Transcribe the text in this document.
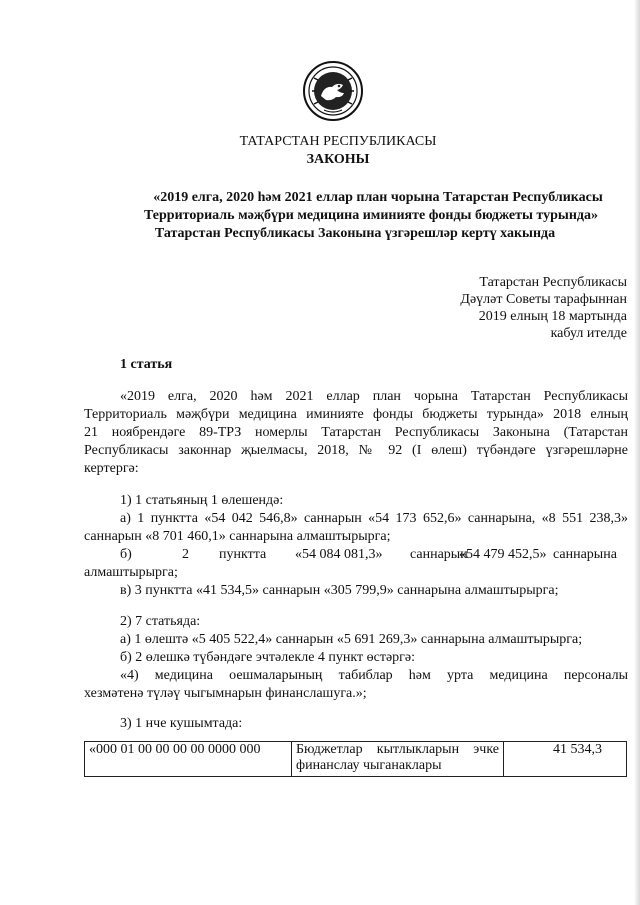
ТАТАРСТАН РЕСПУБЛИКАСЫ
ЗАКОНЫ
«2019 елга, 2020 һәм 2021 еллар план чорына Татарстан Республикасы
Территориаль мәҗбүри медицина иминияте фонды бюджеты турында»
Татарстан Республикасы Законына үзгәрешләр кертү хакында
Татарстан Республикасы
Дәүләт Советы тарафыннан
2019 елның 18 мартында
кабул итeлде
1 статья
«2019 елга, 2020 һәм 2021 еллар план чорына Татарстан Республикасы
Территориаль мәҗбүри медицина иминияте фонды бюджеты турында» 2018 елның
21 ноябрендәге 89-ТРЗ номерлы Татарстан Республикасы Законына (Татарстан
Республикасы законнар җыелмасы, 2018, № 92 (I өлеш) түбәндәге үзгәрешләрне
кертергә:
1) 1 статьяның 1 өлешендә:
а) 1 пунктта «54 042 546,8» саннарын «54 173 652,6» саннарына, «8 551 238,3»
саннарын «8 701 460,1» саннарына алмаштырырга;
б)	2 пунктта «54 084 081,3» саннарын
«54 479 452,5» саннарына
алмаштырырга;
в) 3 пунктта «41 534,5» саннарын «305 799,9» саннарына алмаштырырга;
2) 7 статьяда:
а) 1 өлештә «5 405 522,4» саннарын «5 691 269,3» саннарына алмаштырырга;
б) 2 өлешкә түбәндәге эчтәлекле 4 пункт өстәргә:
«4) медицина оешмаларының табиблар һәм урта медицина персоналы
хезмәтенә түләү чыгымнарын финанслашуга.»;
3) 1 нче кушымтада:
«000 01 00 00 00 00 0000 000	Бюджетлар кытлыкларын эчке
финанслау чыганаклары
	41 534,3
